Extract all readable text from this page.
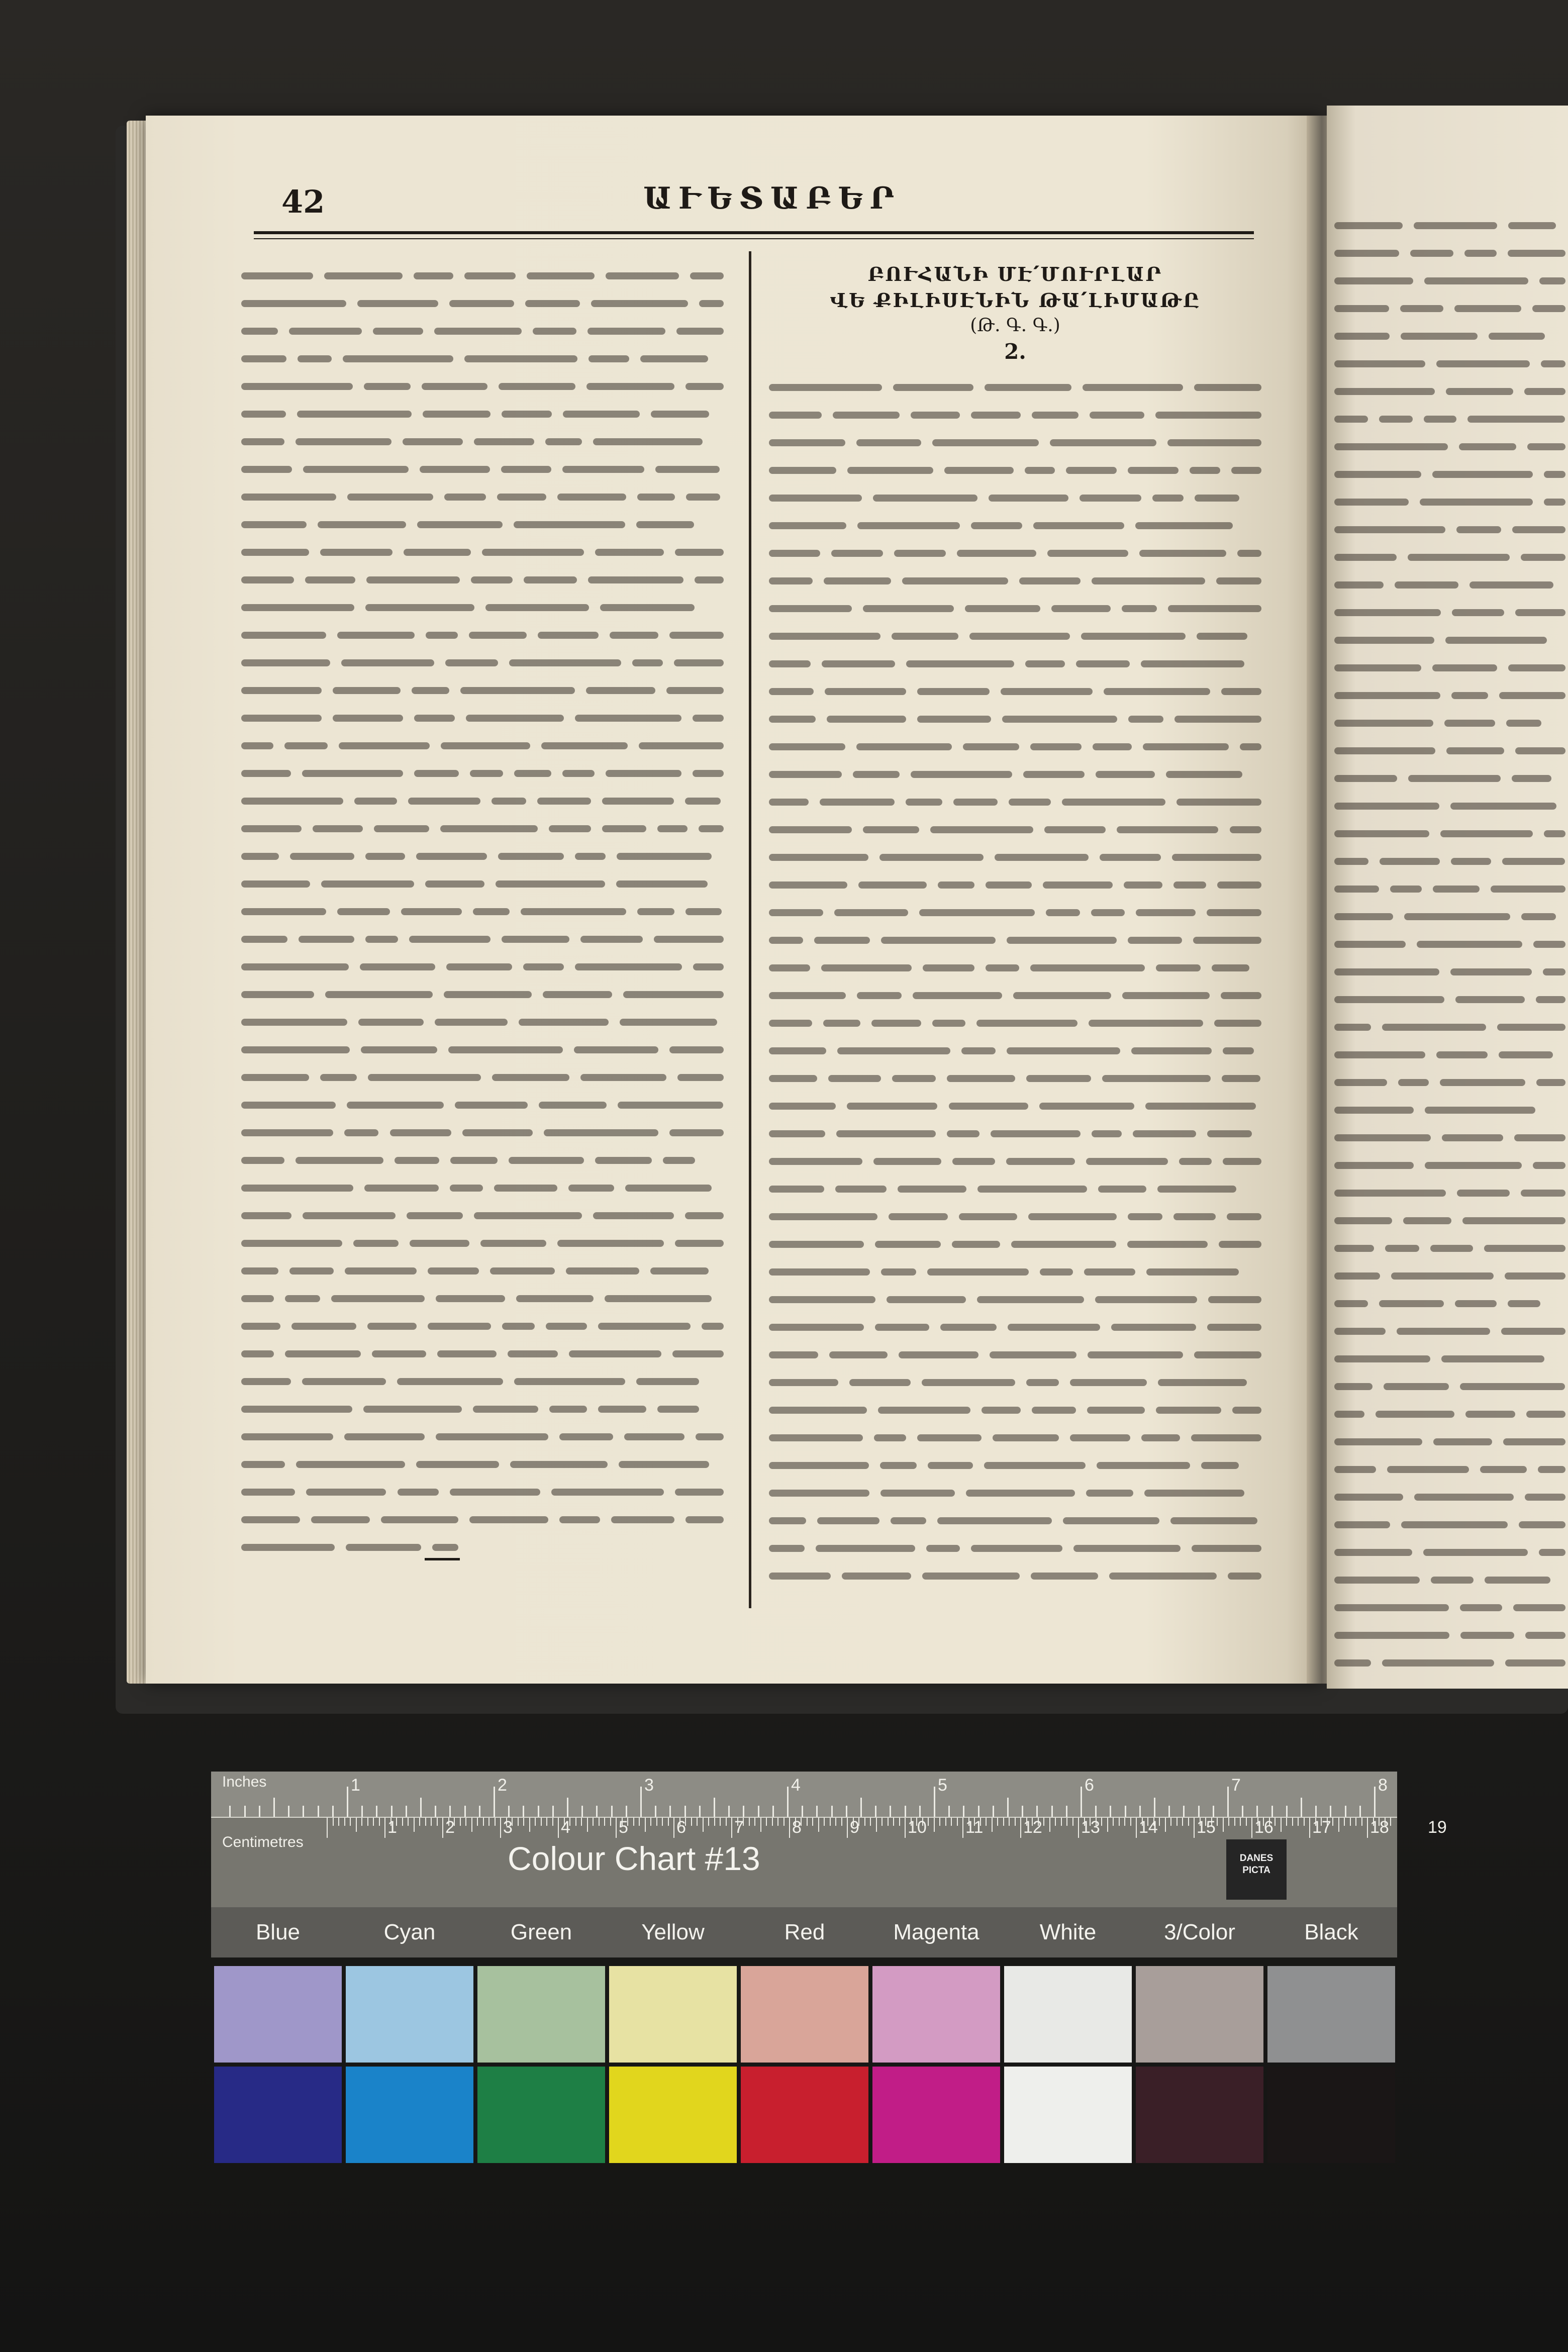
42	ԱՒԵՏԱԲԵՐ
ԲՈՒՀԱՆԻ ՄԷ՛ՄՈՒՐԼԱՐ
ՎԵ ՔԻԼԻՍԷՆԻՆ ԹԱ՛ԼԻՄԱԹԸ
(Թ. Գ. Գ.)
2.
Inches
Centimetres
1	2	3	4	5	6	7	8
1	2	3	4	5	6	7	8	9	10 11 12 13 14 15 16 17 18 19
Colour Chart #13	DANES
PICTA
Blue	Cyan	Green	Yellow	Red	Magenta	White	3/Color	Black
